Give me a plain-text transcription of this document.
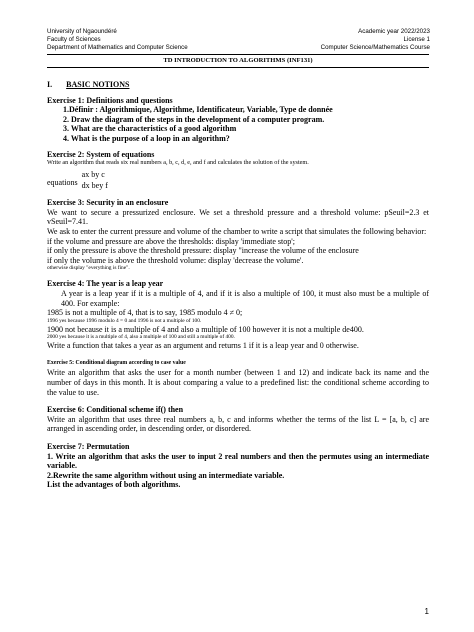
University of Ngaoundéré
Faculty of Sciences
Department of Mathematics and Computer Science
Academic year 2022/2023
License 1
Computer Science/Mathematics Course
TD INTRODUCTION TO ALGORITHMS (INF131)
I. BASIC NOTIONS
Exercise 1: Definitions and questions
1.Définir : Algorithmique, Algorithme, Identificateur, Variable, Type de donnée
2. Draw the diagram of the steps in the development of a computer program.
3. What are the characteristics of a good algorithm
4. What is the purpose of a loop in an algorithm?
Exercise 2: System of equations

Write an algorithm that reads six real numbers a, b, c, d, e, and f and calculates the solution of the system.

equations
ax by c
dx bey f
Exercise 3: Security in an enclosure

We want to secure a pressurized enclosure. We set a threshold pressure and a threshold volume: pSeuil=2.3 et vSeuil=7.41.

We ask to enter the current pressure and volume of the chamber to write a script that simulates the following behavior:

if the volume and pressure are above the thresholds: display 'immediate stop';
if only the pressure is above the threshold pressure: display "increase the volume of the enclosure
if only the volume is above the threshold volume: display 'decrease the volume'.
otherwise display "everything is fine".
Exercise 4: The year is a leap year

A year is a leap year if it is a multiple of 4, and if it is also a multiple of 100, it must also must be a multiple of 400. For example:

1985 is not a multiple of 4, that is to say, 1985 modulo 4 ≠ 0;
1996 yes because 1996 modulo 4 = 0 and 1996 is not a multiple of 100.
1900 not because it is a multiple of 4 and also a multiple of 100 however it is not a multiple de400.
2000 yes because it is a multiple of 4, also a multiple of 100 and still a multiple of 400.

Write a function that takes a year as an argument and returns 1 if it is a leap year and 0 otherwise.

Exercise 5: Conditional diagram according to case value

Write an algorithm that asks the user for a month number (between 1 and 12) and indicate back its name and the number of days in this month. It is about comparing a value to a predefined list: the conditional scheme according to the value to use.

Exercise 6: Conditional scheme if() then

Write an algorithm that uses three real numbers a, b, c and informs whether the terms of the list L = [a, b, c] are arranged in ascending order, in descending order, or disordered.

Exercise 7: Permutation

1. Write an algorithm that asks the user to input 2 real numbers and then the permutes using an intermediate variable.

2.Rewrite the same algorithm without using an intermediate variable.

List the advantages of both algorithms.

1
